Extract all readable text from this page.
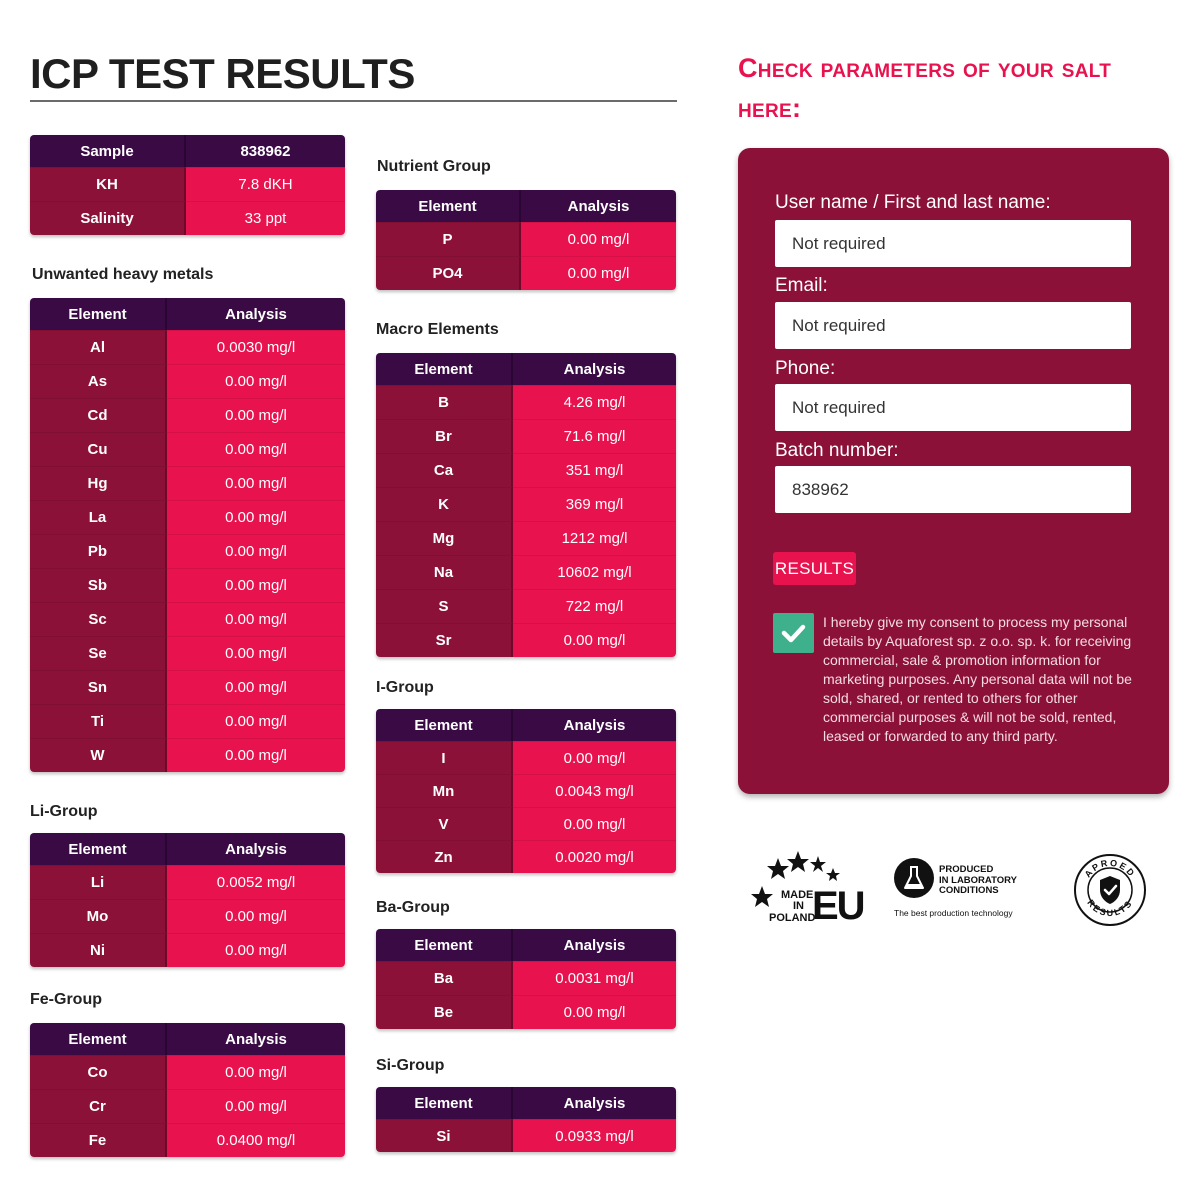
ICP TEST RESULTS
Sample	838962
KH	7.8 dKH
Salinity	33 ppt
Unwanted heavy metals
Li-Group
Fe-Group
Nutrient Group
Macro Elements
I-Group
Ba-Group
Si-Group
Element	Analysis
Al	0.0030 mg/l
As	0.00 mg/l
Cd	0.00 mg/l
Cu	0.00 mg/l
Hg	0.00 mg/l
La	0.00 mg/l
Pb	0.00 mg/l
Sb	0.00 mg/l
Sc	0.00 mg/l
Se	0.00 mg/l
Sn	0.00 mg/l
Ti	0.00 mg/l
W	0.00 mg/l
Element	Analysis
Li	0.0052 mg/l
Mo	0.00 mg/l
Ni	0.00 mg/l
Element	Analysis
Co	0.00 mg/l
Cr	0.00 mg/l
Fe	0.0400 mg/l
Element	Analysis
P	0.00 mg/l
PO4	0.00 mg/l
Element	Analysis
B	4.26 mg/l
Br	71.6 mg/l
Ca	351 mg/l
K	369 mg/l
Mg	1212 mg/l
Na	10602 mg/l
S	722 mg/l
Sr	0.00 mg/l
Element	Analysis
I	0.00 mg/l
Mn	0.0043 mg/l
V	0.00 mg/l
Zn	0.0020 mg/l
Element	Analysis
Ba	0.0031 mg/l
Be	0.00 mg/l
Element	Analysis
Si	0.0933 mg/l
Check parameters of your salt here:
User name / First and last name:
Not required
Email:
Not required
Phone:
Not required
Batch number:
838962
RESULTS
I hereby give my consent to process my personal details by Aquaforest sp. z o.o. sp. k. for receiving commercial, sale & promotion information for marketing purposes. Any personal data will not be sold, shared, or rented to others for other commercial purposes & will not be sold, rented, leased or forwarded to any third party.
MADE
IN
POLAND
EU
PRODUCED
IN LABORATORY
CONDITIONS
The best production technology
APROED
RESULTS
